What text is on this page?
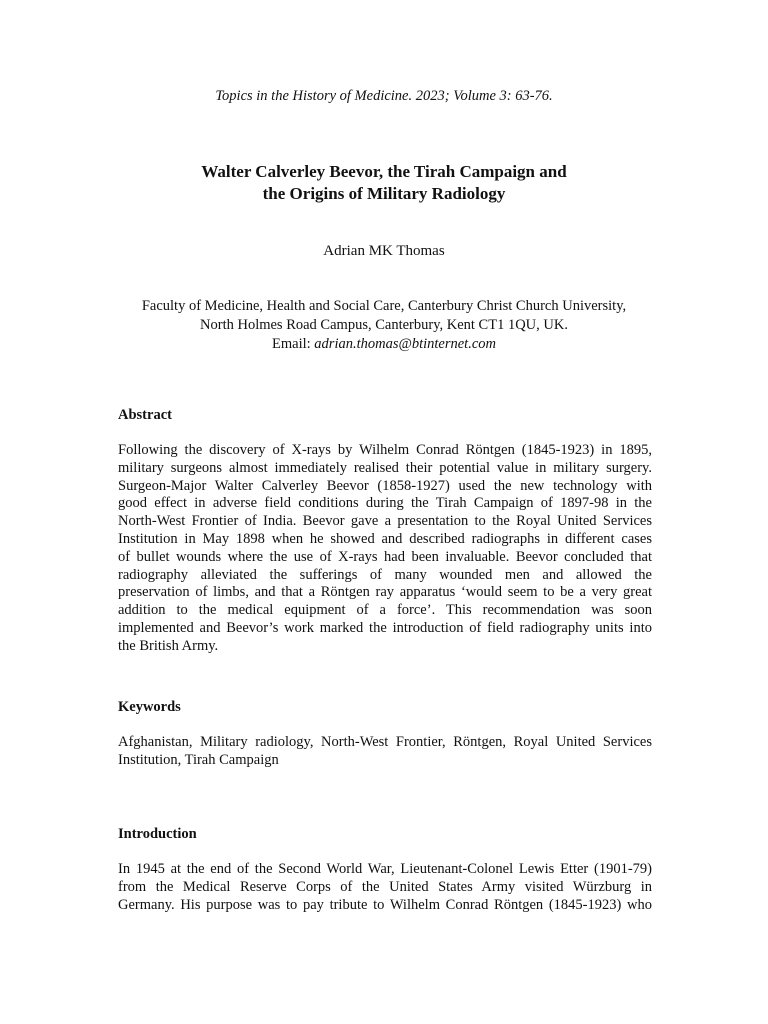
Topics in the History of Medicine. 2023; Volume 3: 63-76.
Walter Calverley Beevor, the Tirah Campaign and
the Origins of Military Radiology
Adrian MK Thomas
Faculty of Medicine, Health and Social Care, Canterbury Christ Church University,
North Holmes Road Campus, Canterbury, Kent CT1 1QU, UK.
Email: adrian.thomas@btinternet.com
Abstract
Following the discovery of X-rays by Wilhelm Conrad Röntgen (1845-1923) in 1895,
military surgeons almost immediately realised their potential value in military surgery.
Surgeon-Major Walter Calverley Beevor (1858-1927) used the new technology with
good effect in adverse field conditions during the Tirah Campaign of 1897-98 in the
North-West Frontier of India. Beevor gave a presentation to the Royal United Services
Institution in May 1898 when he showed and described radiographs in different cases
of bullet wounds where the use of X-rays had been invaluable. Beevor concluded that
radiography alleviated the sufferings of many wounded men and allowed the
preservation of limbs, and that a Röntgen ray apparatus ‘would seem to be a very great
addition to the medical equipment of a force’. This recommendation was soon
implemented and Beevor’s work marked the introduction of field radiography units into
the British Army.
Keywords
Afghanistan, Military radiology, North-West Frontier, Röntgen, Royal United Services
Institution, Tirah Campaign
Introduction
In 1945 at the end of the Second World War, Lieutenant-Colonel Lewis Etter (1901-79)
from the Medical Reserve Corps of the United States Army visited Würzburg in
Germany. His purpose was to pay tribute to Wilhelm Conrad Röntgen (1845-1923) who
